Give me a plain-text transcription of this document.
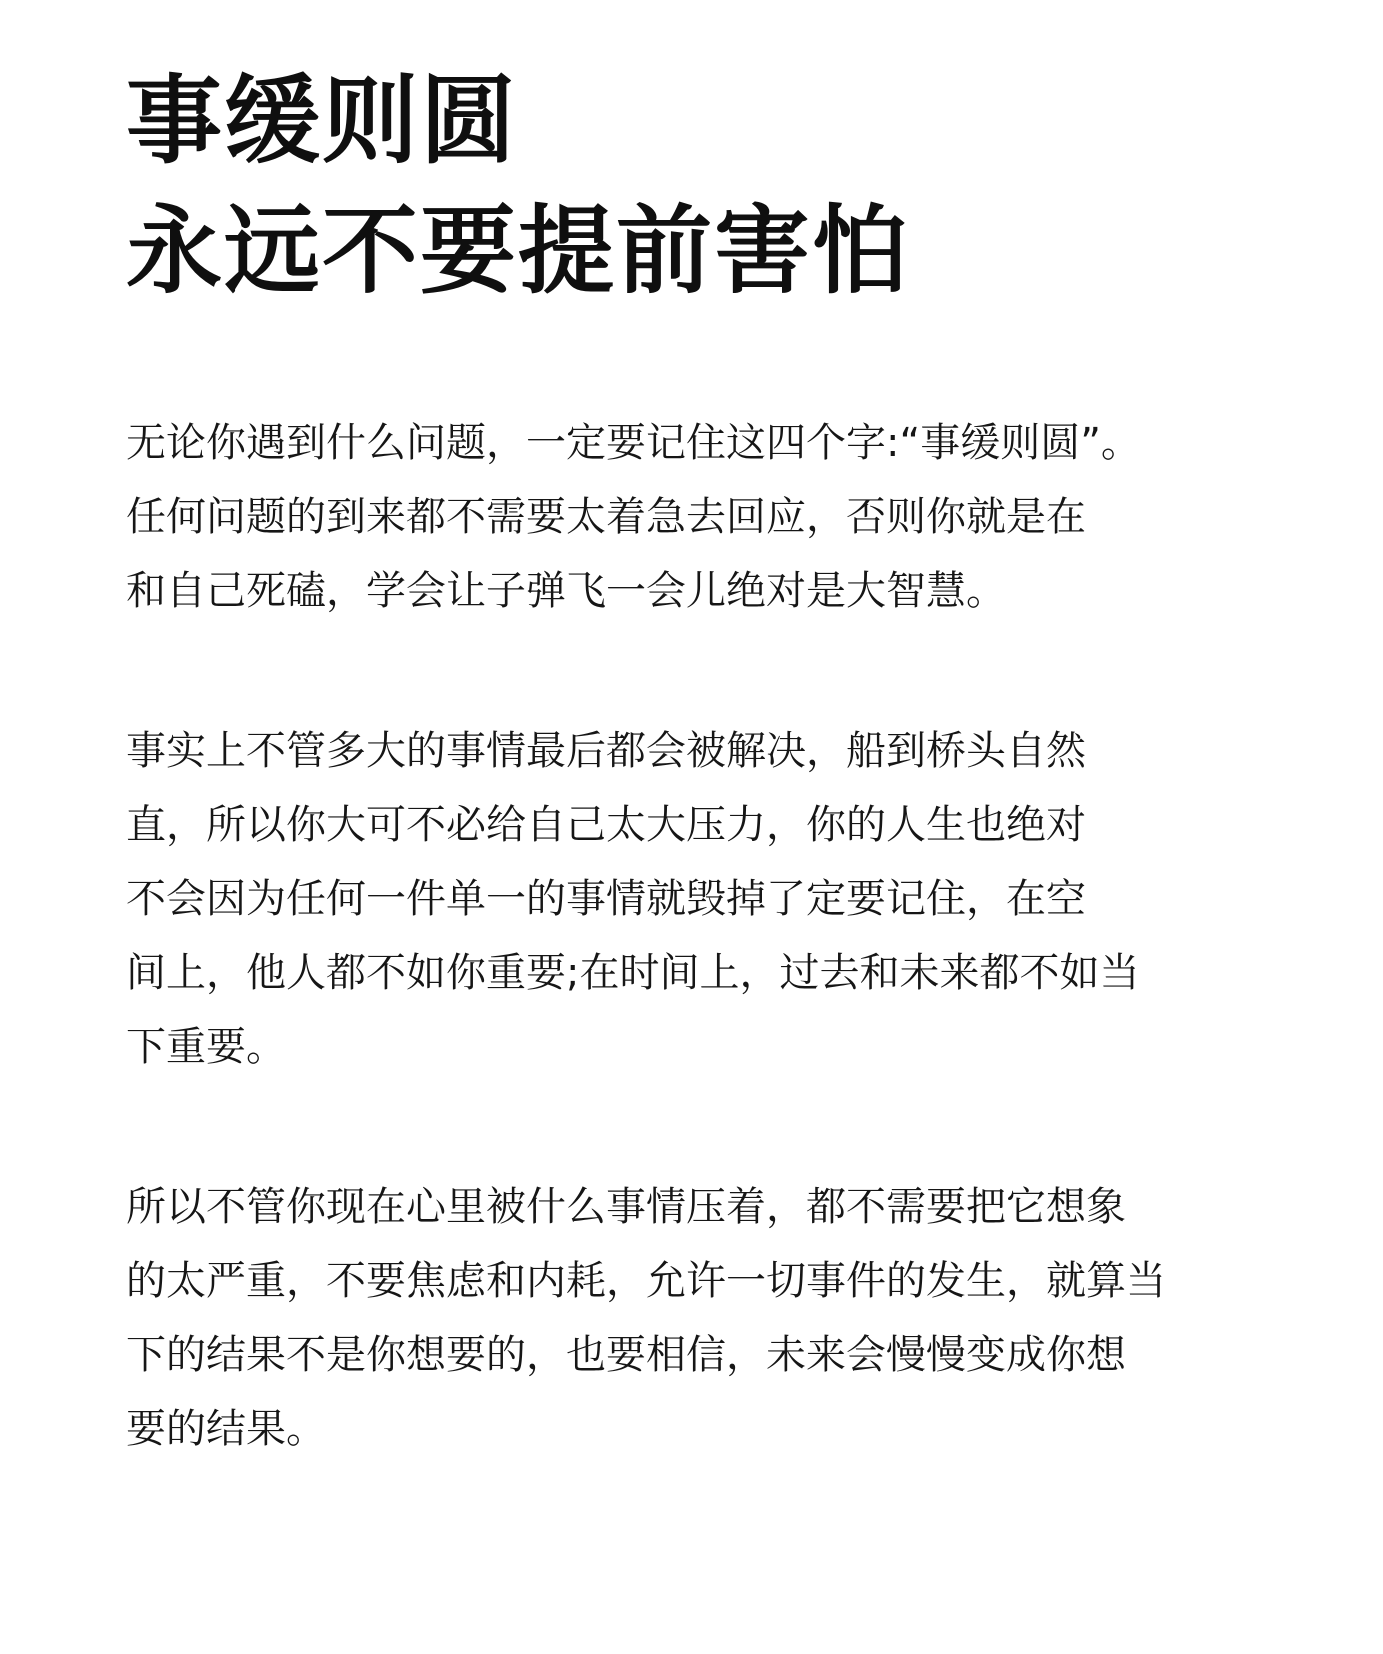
事缓则圆
永远不要提前害怕
无论你遇到什么问题，一定要记住这四个字:“事缓则圆”。
任何问题的到来都不需要太着急去回应，否则你就是在
和自己死磕，学会让子弹飞一会儿绝对是大智慧。
事实上不管多大的事情最后都会被解决，船到桥头自然
直，所以你大可不必给自己太大压力，你的人生也绝对
不会因为任何一件单一的事情就毁掉了定要记住，在空
间上，他人都不如你重要;在时间上，过去和未来都不如当
下重要。
所以不管你现在心里被什么事情压着，都不需要把它想象
的太严重，不要焦虑和内耗，允许一切事件的发生，就算当
下的结果不是你想要的，也要相信，未来会慢慢变成你想
要的结果。
